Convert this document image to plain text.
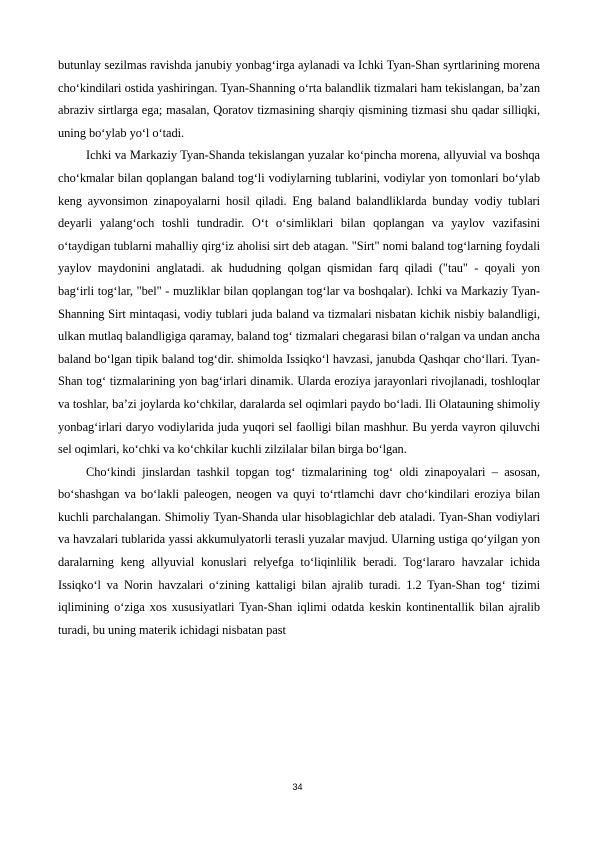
butunlay sezilmas ravishda janubiy yonbagʻirga aylanadi va Ichki Tyan-Shan syrtlarining morena choʻkindilari ostida yashiringan. Tyan-Shanning oʻrta balandlik tizmalari ham tekislangan, baʼzan abraziv sirtlarga ega; masalan, Qoratov tizmasining sharqiy qismining tizmasi shu qadar silliqki, uning boʻylab yoʻl oʻtadi.

Ichki va Markaziy Tyan-Shanda tekislangan yuzalar koʻpincha morena, allyuvial va boshqa choʻkmalar bilan qoplangan baland togʻli vodiylarning tublarini, vodiylar yon tomonlari boʻylab keng ayvonsimon zinapoyalarni hosil qiladi. Eng baland balandliklarda bunday vodiy tublari deyarli yalangʻoch toshli tundradir. Oʻt oʻsimliklari bilan qoplangan va yaylov vazifasini oʻtaydigan tublarni mahalliy qirgʻiz aholisi sirt deb atagan. "Sirt" nomi baland togʻlarning foydali yaylov maydonini anglatadi. ak hududning qolgan qismidan farq qiladi ("tau" - qoyali yon bagʻirli togʻlar, "bel" - muzliklar bilan qoplangan togʻlar va boshqalar). Ichki va Markaziy Tyan-Shanning Sirt mintaqasi, vodiy tublari juda baland va tizmalari nisbatan kichik nisbiy balandligi, ulkan mutlaq balandligiga qaramay, baland togʻ tizmalari chegarasi bilan oʻralgan va undan ancha baland boʻlgan tipik baland togʻdir. shimolda Issiqkoʻl havzasi, janubda Qashqar choʻllari. Tyan-Shan togʻ tizmalarining yon bagʻirlari dinamik. Ularda eroziya jarayonlari rivojlanadi, toshloqlar va toshlar, ba’zi joylarda koʻchkilar, daralarda sel oqimlari paydo boʻladi. Ili Olatauning shimoliy yonbagʻirlari daryo vodiylarida juda yuqori sel faolligi bilan mashhur. Bu yerda vayron qiluvchi sel oqimlari, koʻchki va koʻchkilar kuchli zilzilalar bilan birga boʻlgan.

Choʻkindi jinslardan tashkil topgan togʻ tizmalarining togʻ oldi zinapoyalari – asosan, boʻshashgan va boʻlakli paleogen, neogen va quyi toʻrtlamchi davr choʻkindilari eroziya bilan kuchli parchalangan. Shimoliy Tyan-Shanda ular hisoblagichlar deb ataladi. Tyan-Shan vodiylari va havzalari tublarida yassi akkumulyatorli terasli yuzalar mavjud. Ularning ustiga qoʻyilgan yon daralarning keng allyuvial konuslari relyefga toʻliqinlilik beradi. Togʻlararo havzalar ichida Issiqkoʻl va Norin havzalari oʻzining kattaligi bilan ajralib turadi. 1.2 Tyan-Shan togʻ tizimi iqlimining oʻziga xos xususiyatlari Tyan-Shan iqlimi odatda keskin kontinentallik bilan ajralib turadi, bu uning materik ichidagi nisbatan past

34
